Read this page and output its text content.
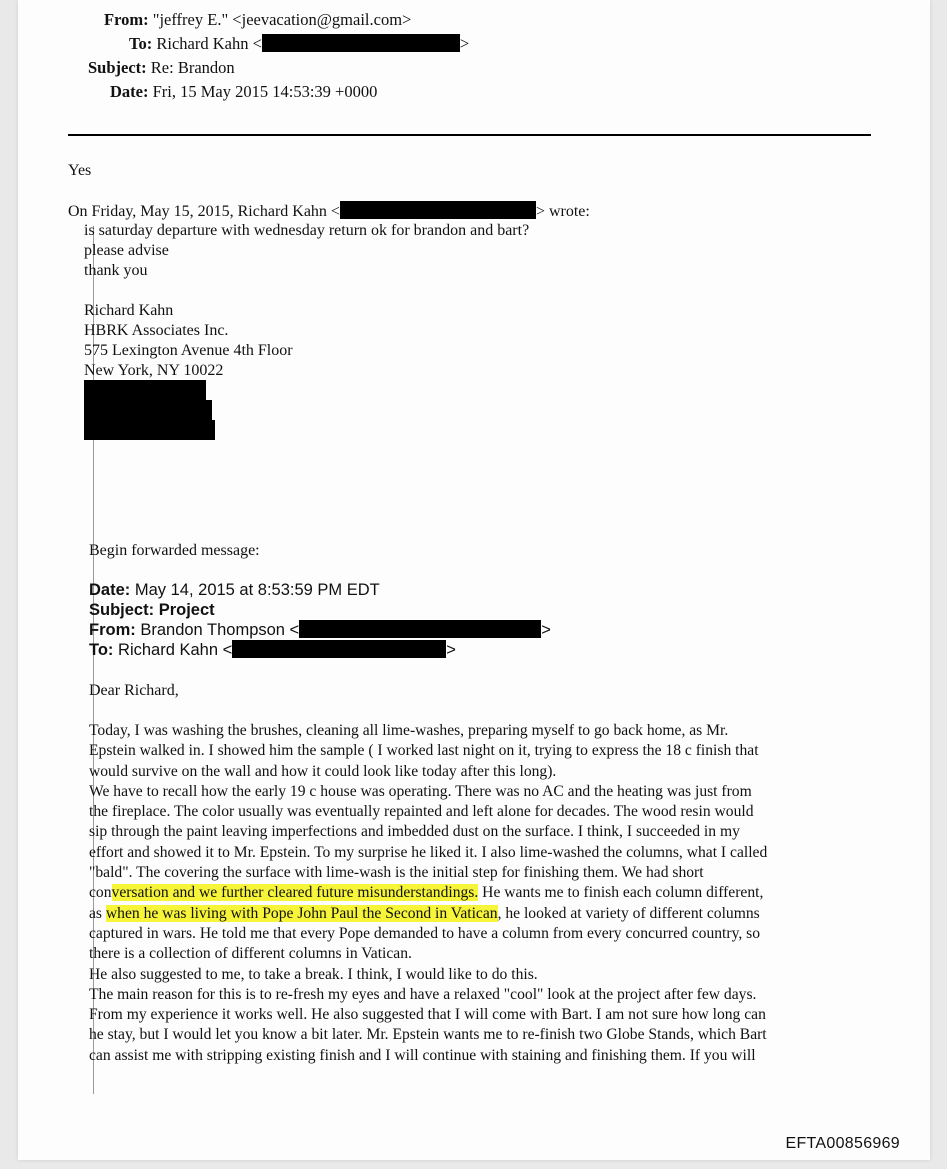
From: "jeffrey E." <jeevacation@gmail.com>
To: Richard Kahn <	>
Subject: Re: Brandon
Date: Fri, 15 May 2015 14:53:39 +0000
Yes
On Friday, May 15, 2015, Richard Kahn <	> wrote:
is saturday departure with wednesday return ok for brandon and bart?
please advise
thank you
Richard Kahn
HBRK Associates Inc.
575 Lexington Avenue 4th Floor
New York, NY 10022
Begin forwarded message:
Date: May 14, 2015 at 8:53:59 PM EDT
Subject: Project
From: Brandon Thompson <	>
To: Richard Kahn <	>
Dear Richard,
Today, I was washing the brushes, cleaning all lime-washes, preparing myself to go back home, as Mr.
Epstein walked in. I showed him the sample ( I worked last night on it, trying to express the 18 c finish that
would survive on the wall and how it could look like today after this long).
We have to recall how the early 19 c house was operating. There was no AC and the heating was just from
the fireplace. The color usually was eventually repainted and left alone for decades. The wood resin would
sip through the paint leaving imperfections and imbedded dust on the surface. I think, I succeeded in my
effort and showed it to Mr. Epstein. To my surprise he liked it. I also lime-washed the columns, what I called
"bald". The covering the surface with lime-wash is the initial step for finishing them. We had short
conversation and we further cleared future misunderstandings. He wants me to finish each column different,
as when he was living with Pope John Paul the Second in Vatican, he looked at variety of different columns
captured in wars. He told me that every Pope demanded to have a column from every concurred country, so
there is a collection of different columns in Vatican.
He also suggested to me, to take a break. I think, I would like to do this.
The main reason for this is to re-fresh my eyes and have a relaxed "cool" look at the project after few days.
From my experience it works well. He also suggested that I will come with Bart. I am not sure how long can
he stay, but I would let you know a bit later. Mr. Epstein wants me to re-finish two Globe Stands, which Bart
can assist me with stripping existing finish and I will continue with staining and finishing them. If you will
EFTA00856969
